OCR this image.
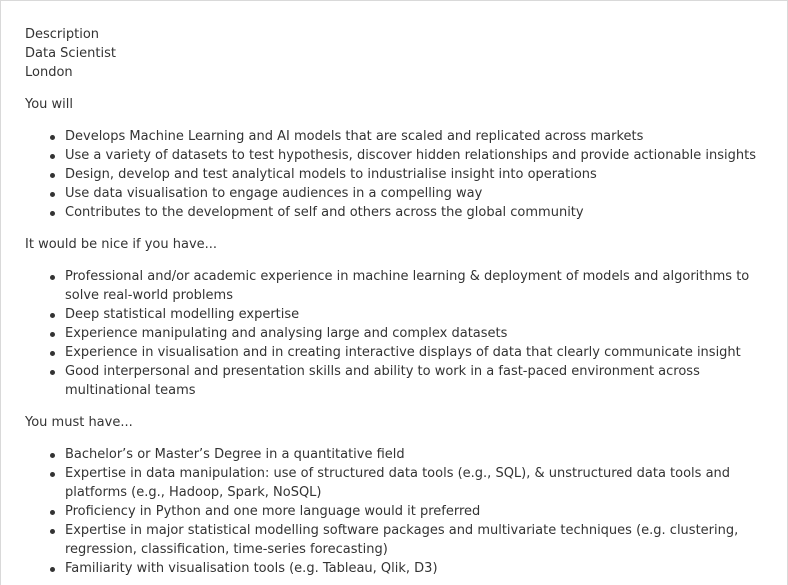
Description
Data Scientist
London
You will
Develops Machine Learning and AI models that are scaled and replicated across markets
Use a variety of datasets to test hypothesis, discover hidden relationships and provide actionable insights
Design, develop and test analytical models to industrialise insight into operations
Use data visualisation to engage audiences in a compelling way
Contributes to the development of self and others across the global community
It would be nice if you have...
Professional and/or academic experience in machine learning & deployment of models and algorithms to solve real-world problems
Deep statistical modelling expertise
Experience manipulating and analysing large and complex datasets
Experience in visualisation and in creating interactive displays of data that clearly communicate insight
Good interpersonal and presentation skills and ability to work in a fast-paced environment across multinational teams
You must have...
Bachelor’s or Master’s Degree in a quantitative field
Expertise in data manipulation: use of structured data tools (e.g., SQL), & unstructured data tools and platforms (e.g., Hadoop, Spark, NoSQL)
Proficiency in Python and one more language would it preferred
Expertise in major statistical modelling software packages and multivariate techniques (e.g. clustering, regression, classification, time-series forecasting)
Familiarity with visualisation tools (e.g. Tableau, Qlik, D3)
